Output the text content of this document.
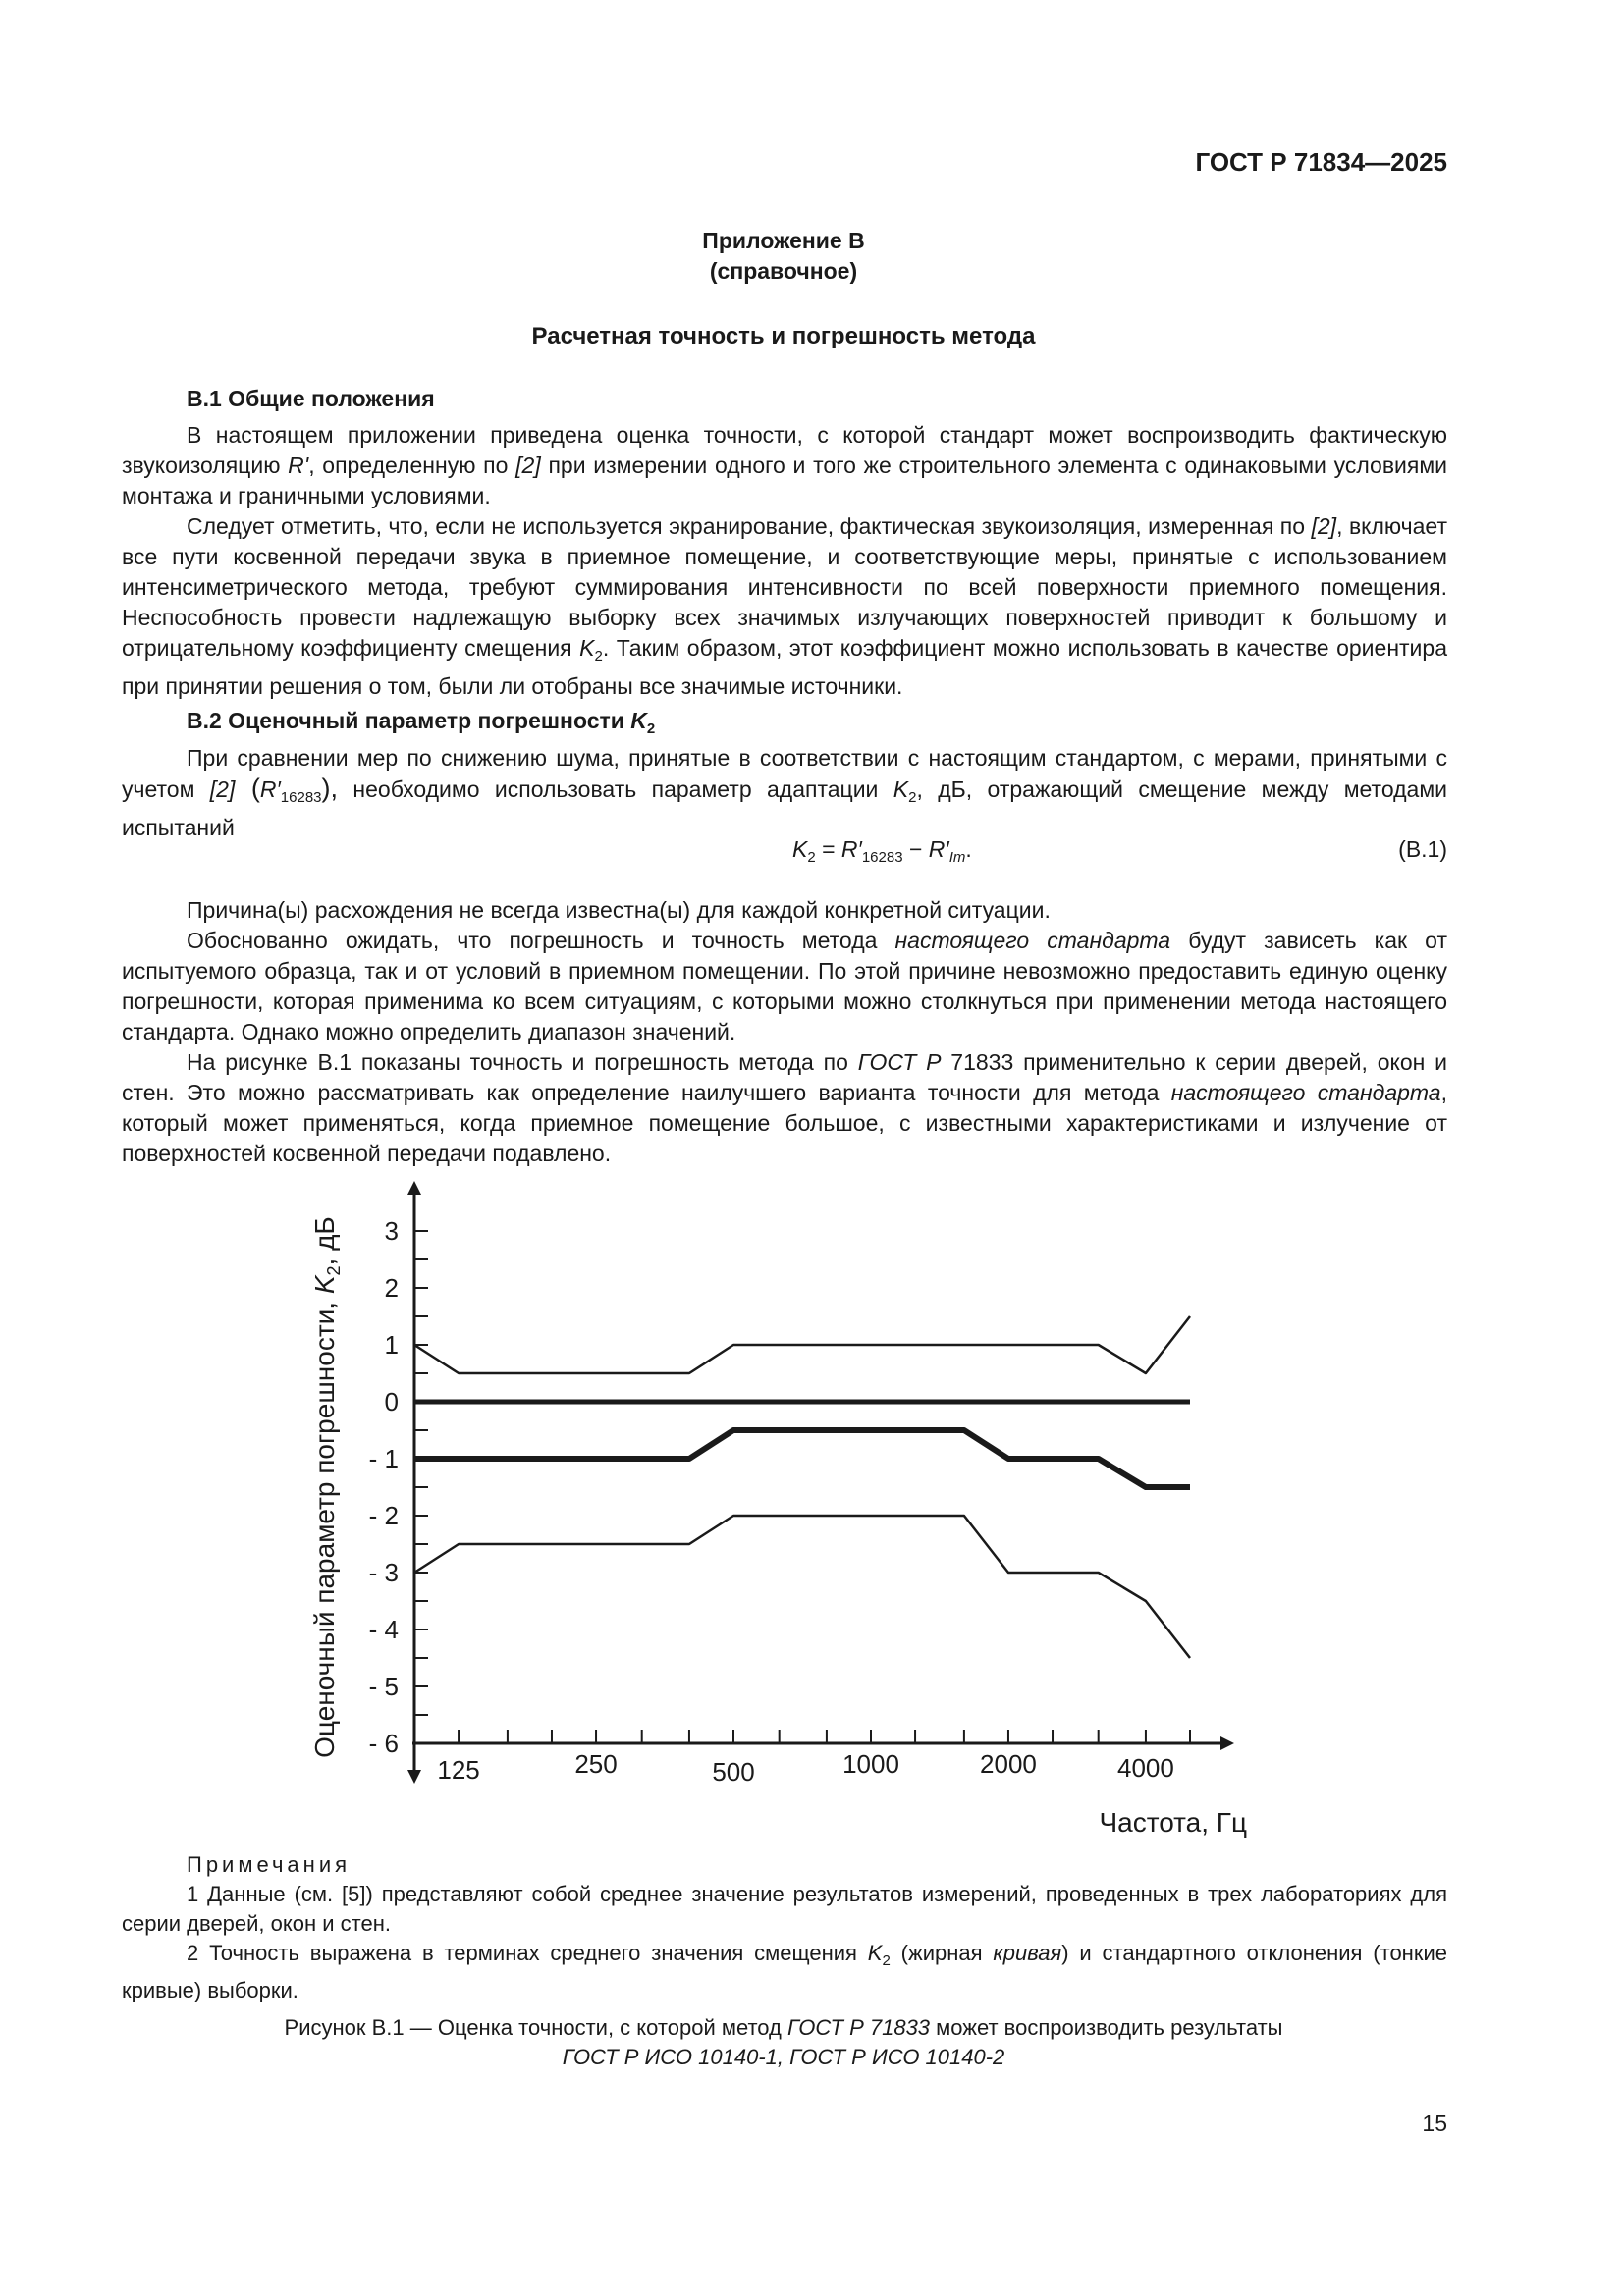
ГОСТ Р 71834—2025
Приложение В
(справочное)
Расчетная точность и погрешность метода
В.1 Общие положения

В настоящем приложении приведена оценка точности, с которой стандарт может воспроизводить фактическую звукоизоляцию R', определенную по [2] при измерении одного и того же строительного элемента с одинаковыми условиями монтажа и граничными условиями.

Следует отметить, что, если не используется экранирование, фактическая звукоизоляция, измеренная по [2], включает все пути косвенной передачи звука в приемное помещение, и соответствующие меры, принятые с использованием интенсиметрического метода, требуют суммирования интенсивности по всей поверхности приемного помещения. Неспособность провести надлежащую выборку всех значимых излучающих поверхностей приводит к большому и отрицательному коэффициенту смещения $K_2$. Таким образом, этот коэффициент можно использовать в качестве ориентира при принятии решения о том, были ли отобраны все значимые источники.

В.2 Оценочный параметр погрешности $K_2$

При сравнении мер по снижению шума, принятые в соответствии с настоящим стандартом, с мерами, принятыми с учетом [2] $(R'_{16283})$, необходимо использовать параметр адаптации $K_2$, дБ, отражающий смещение между методами испытаний

$K_2 = R'_{16283} - R'_{Im}$.	(В.1)

Причина(ы) расхождения не всегда известна(ы) для каждой конкретной ситуации.

Обоснованно ожидать, что погрешность и точность метода настоящего стандарта будут зависеть как от испытуемого образца, так и от условий в приемном помещении. По этой причине невозможно предоставить единую оценку погрешности, которая применима ко всем ситуациям, с которыми можно столкнуться при применении метода настоящего стандарта. Однако можно определить диапазон значений.

На рисунке В.1 показаны точность и погрешность метода по ГОСТ Р 71833 применительно к серии дверей, окон и стен. Это можно рассматривать как определение наилучшего варианта точности для метода настоящего стандарта, который может применяться, когда приемное помещение большое, с известными характеристиками и излучение от поверхностей косвенной передачи подавлено.

3
2
1
0
- 1
- 2
- 3
- 4
- 5
- 6
125	250	500	1000	2000	4000
Оценочный параметр погрешности, $K_2$, дБ
Частота, Гц

Примечания

1 Данные (см. [5]) представляют собой среднее значение результатов измерений, проведенных в трех лабораториях для серии дверей, окон и стен.

2 Точность выражена в терминах среднего значения смещения $K_2$ (жирная кривая) и стандартного отклонения (тонкие кривые) выборки.

Рисунок В.1 — Оценка точности, с которой метод ГОСТ Р 71833 может воспроизводить результаты
ГОСТ Р ИСО 10140-1, ГОСТ Р ИСО 10140-2
15
